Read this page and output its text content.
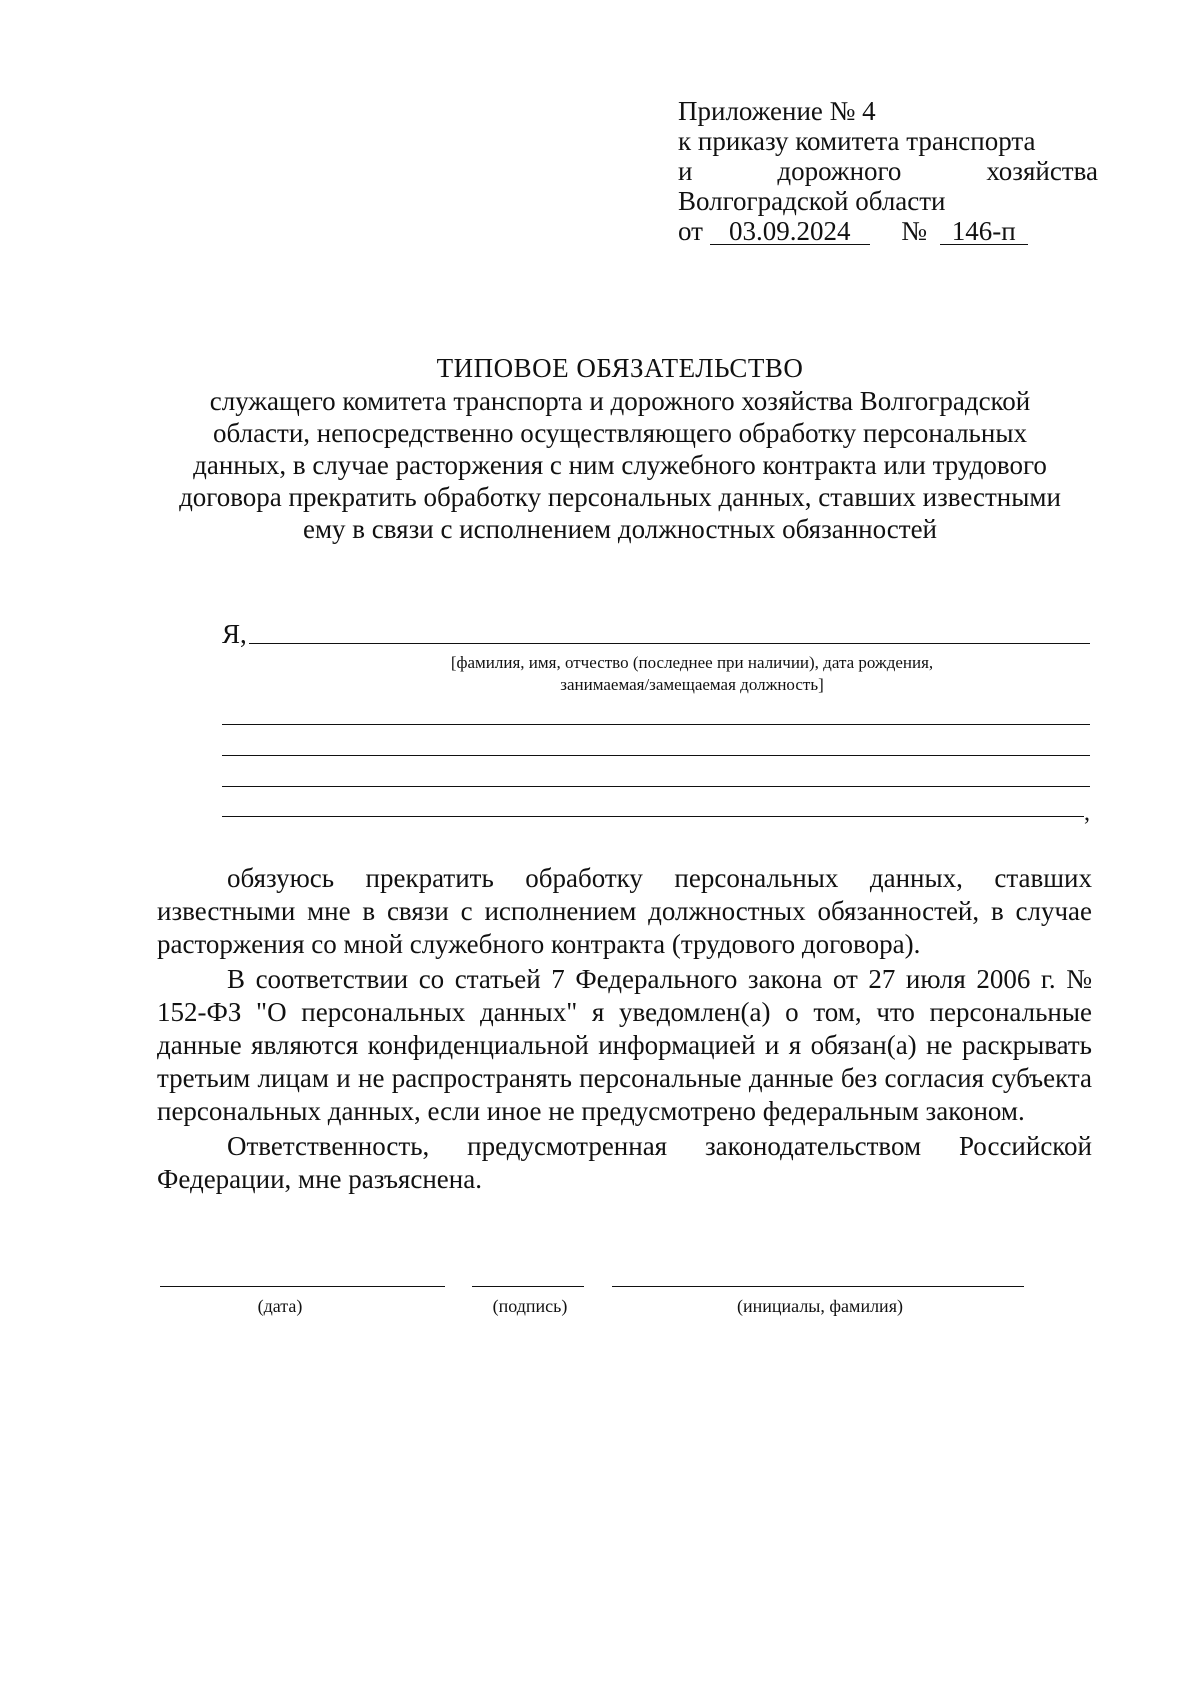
Приложение № 4
к приказу комитета транспорта
и	дорожного	хозяйства
Волгоградской области
от 03.09.2024 № 146-п
ТИПОВОЕ ОБЯЗАТЕЛЬСТВО
служащего комитета транспорта и дорожного хозяйства Волгоградской
области, непосредственно осуществляющего обработку персональных
данных, в случае расторжения с ним служебного контракта или трудового
договора прекратить обработку персональных данных, ставших известными
ему в связи с исполнением должностных обязанностей
Я,
[фамилия, имя, отчество (последнее при наличии), дата рождения,
занимаемая/замещаемая должность]
,

обязуюсь прекратить обработку персональных данных, ставших известными мне в связи с исполнением должностных обязанностей, в случае расторжения со мной служебного контракта (трудового договора).

В соответствии со статьей 7 Федерального закона от 27 июля 2006 г. № 152-ФЗ "О персональных данных" я уведомлен(а) о том, что персональные данные являются конфиденциальной информацией и я обязан(а) не раскрывать третьим лицам и не распространять персональные данные без согласия субъекта персональных данных, если иное не предусмотрено федеральным законом.

Ответственность, предусмотренная законодательством Российской Федерации, мне разъяснена.

(дата)	(подпись)	(инициалы, фамилия)
